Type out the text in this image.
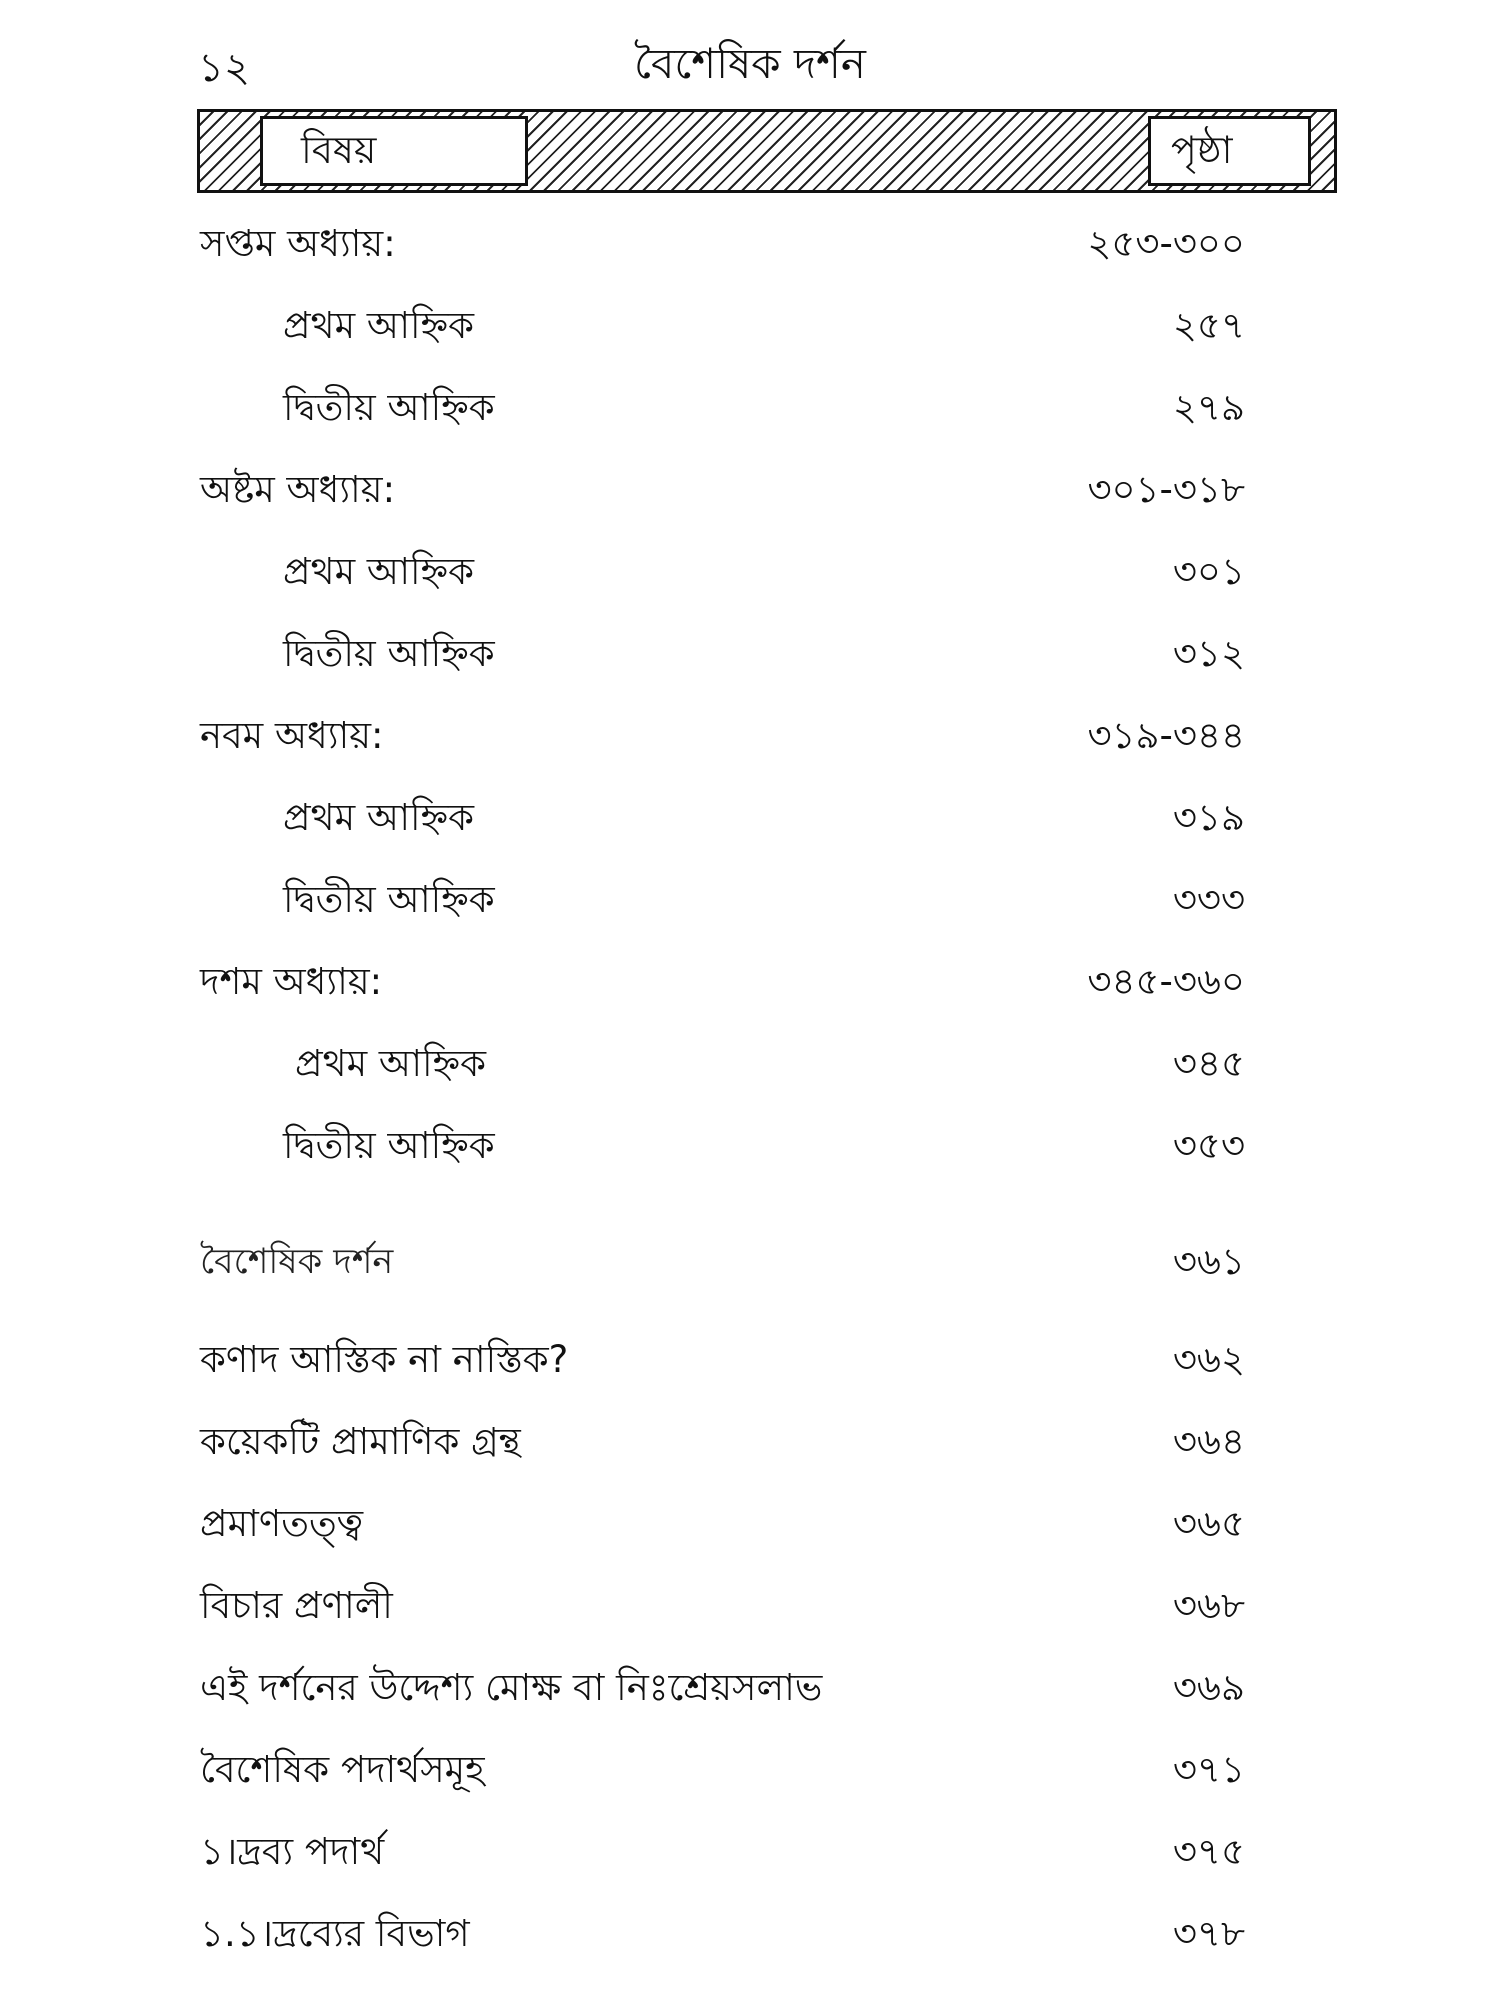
১২	বৈশেষিক দর্শন
বিষয়	পৃষ্ঠা
সপ্তম অধ্যায়:	২৫৩-৩০০
প্রথম আহ্নিক	২৫৭
দ্বিতীয় আহ্নিক	২৭৯
অষ্টম অধ্যায়:	৩০১-৩১৮
প্রথম আহ্নিক	৩০১
দ্বিতীয় আহ্নিক	৩১২
নবম অধ্যায়:	৩১৯-৩৪৪
প্রথম আহ্নিক	৩১৯
দ্বিতীয় আহ্নিক	৩৩৩
দশম অধ্যায়:	৩৪৫-৩৬০
প্রথম আহ্নিক	৩৪৫
দ্বিতীয় আহ্নিক	৩৫৩
বৈশেষিক দর্শন	৩৬১
কণাদ আস্তিক না নাস্তিক?	৩৬২
কয়েকটি প্রামাণিক গ্রন্থ	৩৬৪
প্রমাণতত্ত্ব	৩৬৫
বিচার প্রণালী	৩৬৮
এই দর্শনের উদ্দেশ্য মোক্ষ বা নিঃশ্রেয়সলাভ	৩৬৯
বৈশেষিক পদার্থসমূহ	৩৭১
১।দ্রব্য পদার্থ	৩৭৫
১.১।দ্রব্যের বিভাগ	৩৭৮
